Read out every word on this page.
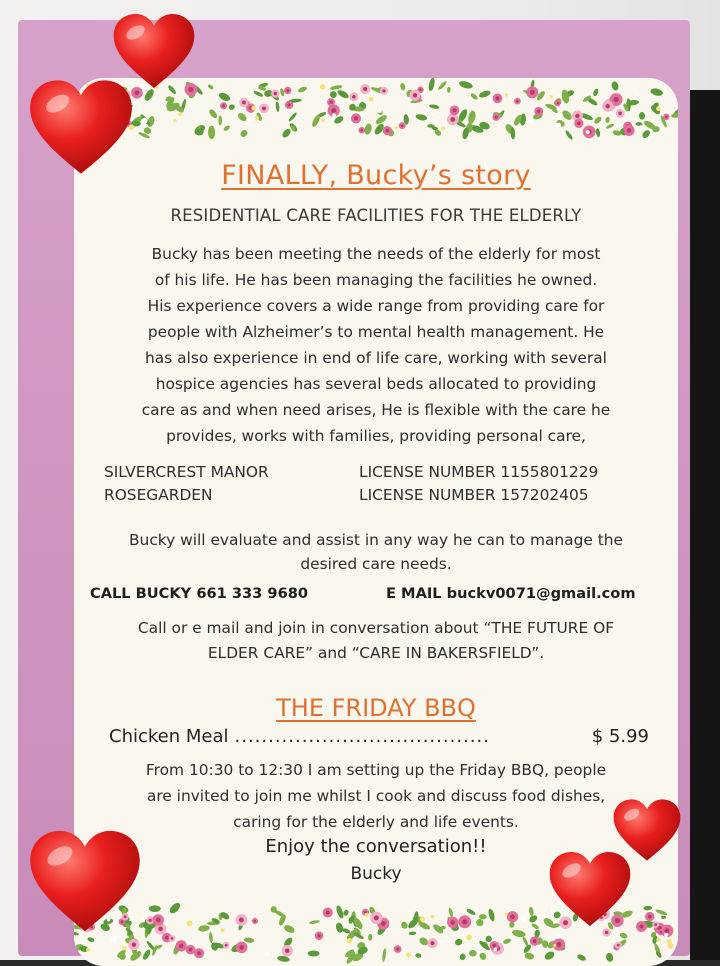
FINALLY, Bucky’s story

RESIDENTIAL CARE FACILITIES FOR THE ELDERLY

Bucky has been meeting the needs of the elderly for most
of his life. He has been managing the facilities he owned.
His experience covers a wide range from providing care for
people with Alzheimer’s to mental health management. He
has also experience in end of life care, working with several
hospice agencies has several beds allocated to providing
care as and when need arises, He is flexible with the care he
provides, works with families, providing personal care,

SILVERCREST MANOR	LICENSE NUMBER 1155801229

ROSEGARDEN	LICENSE NUMBER 157202405

Bucky will evaluate and assist in any way he can to manage the
desired care needs.

CALL BUCKY 661 333 9680	E MAIL buckv0071@gmail.com

Call or e mail and join in conversation about “THE FUTURE OF
ELDER CARE” and “CARE IN BAKERSFIELD”.

THE FRIDAY BBQ

Chicken Meal ......................................	$ 5.99

From 10:30 to 12:30 I am setting up the Friday BBQ, people
are invited to join me whilst I cook and discuss food dishes,
caring for the elderly and life events.

Enjoy the conversation!!

Bucky
